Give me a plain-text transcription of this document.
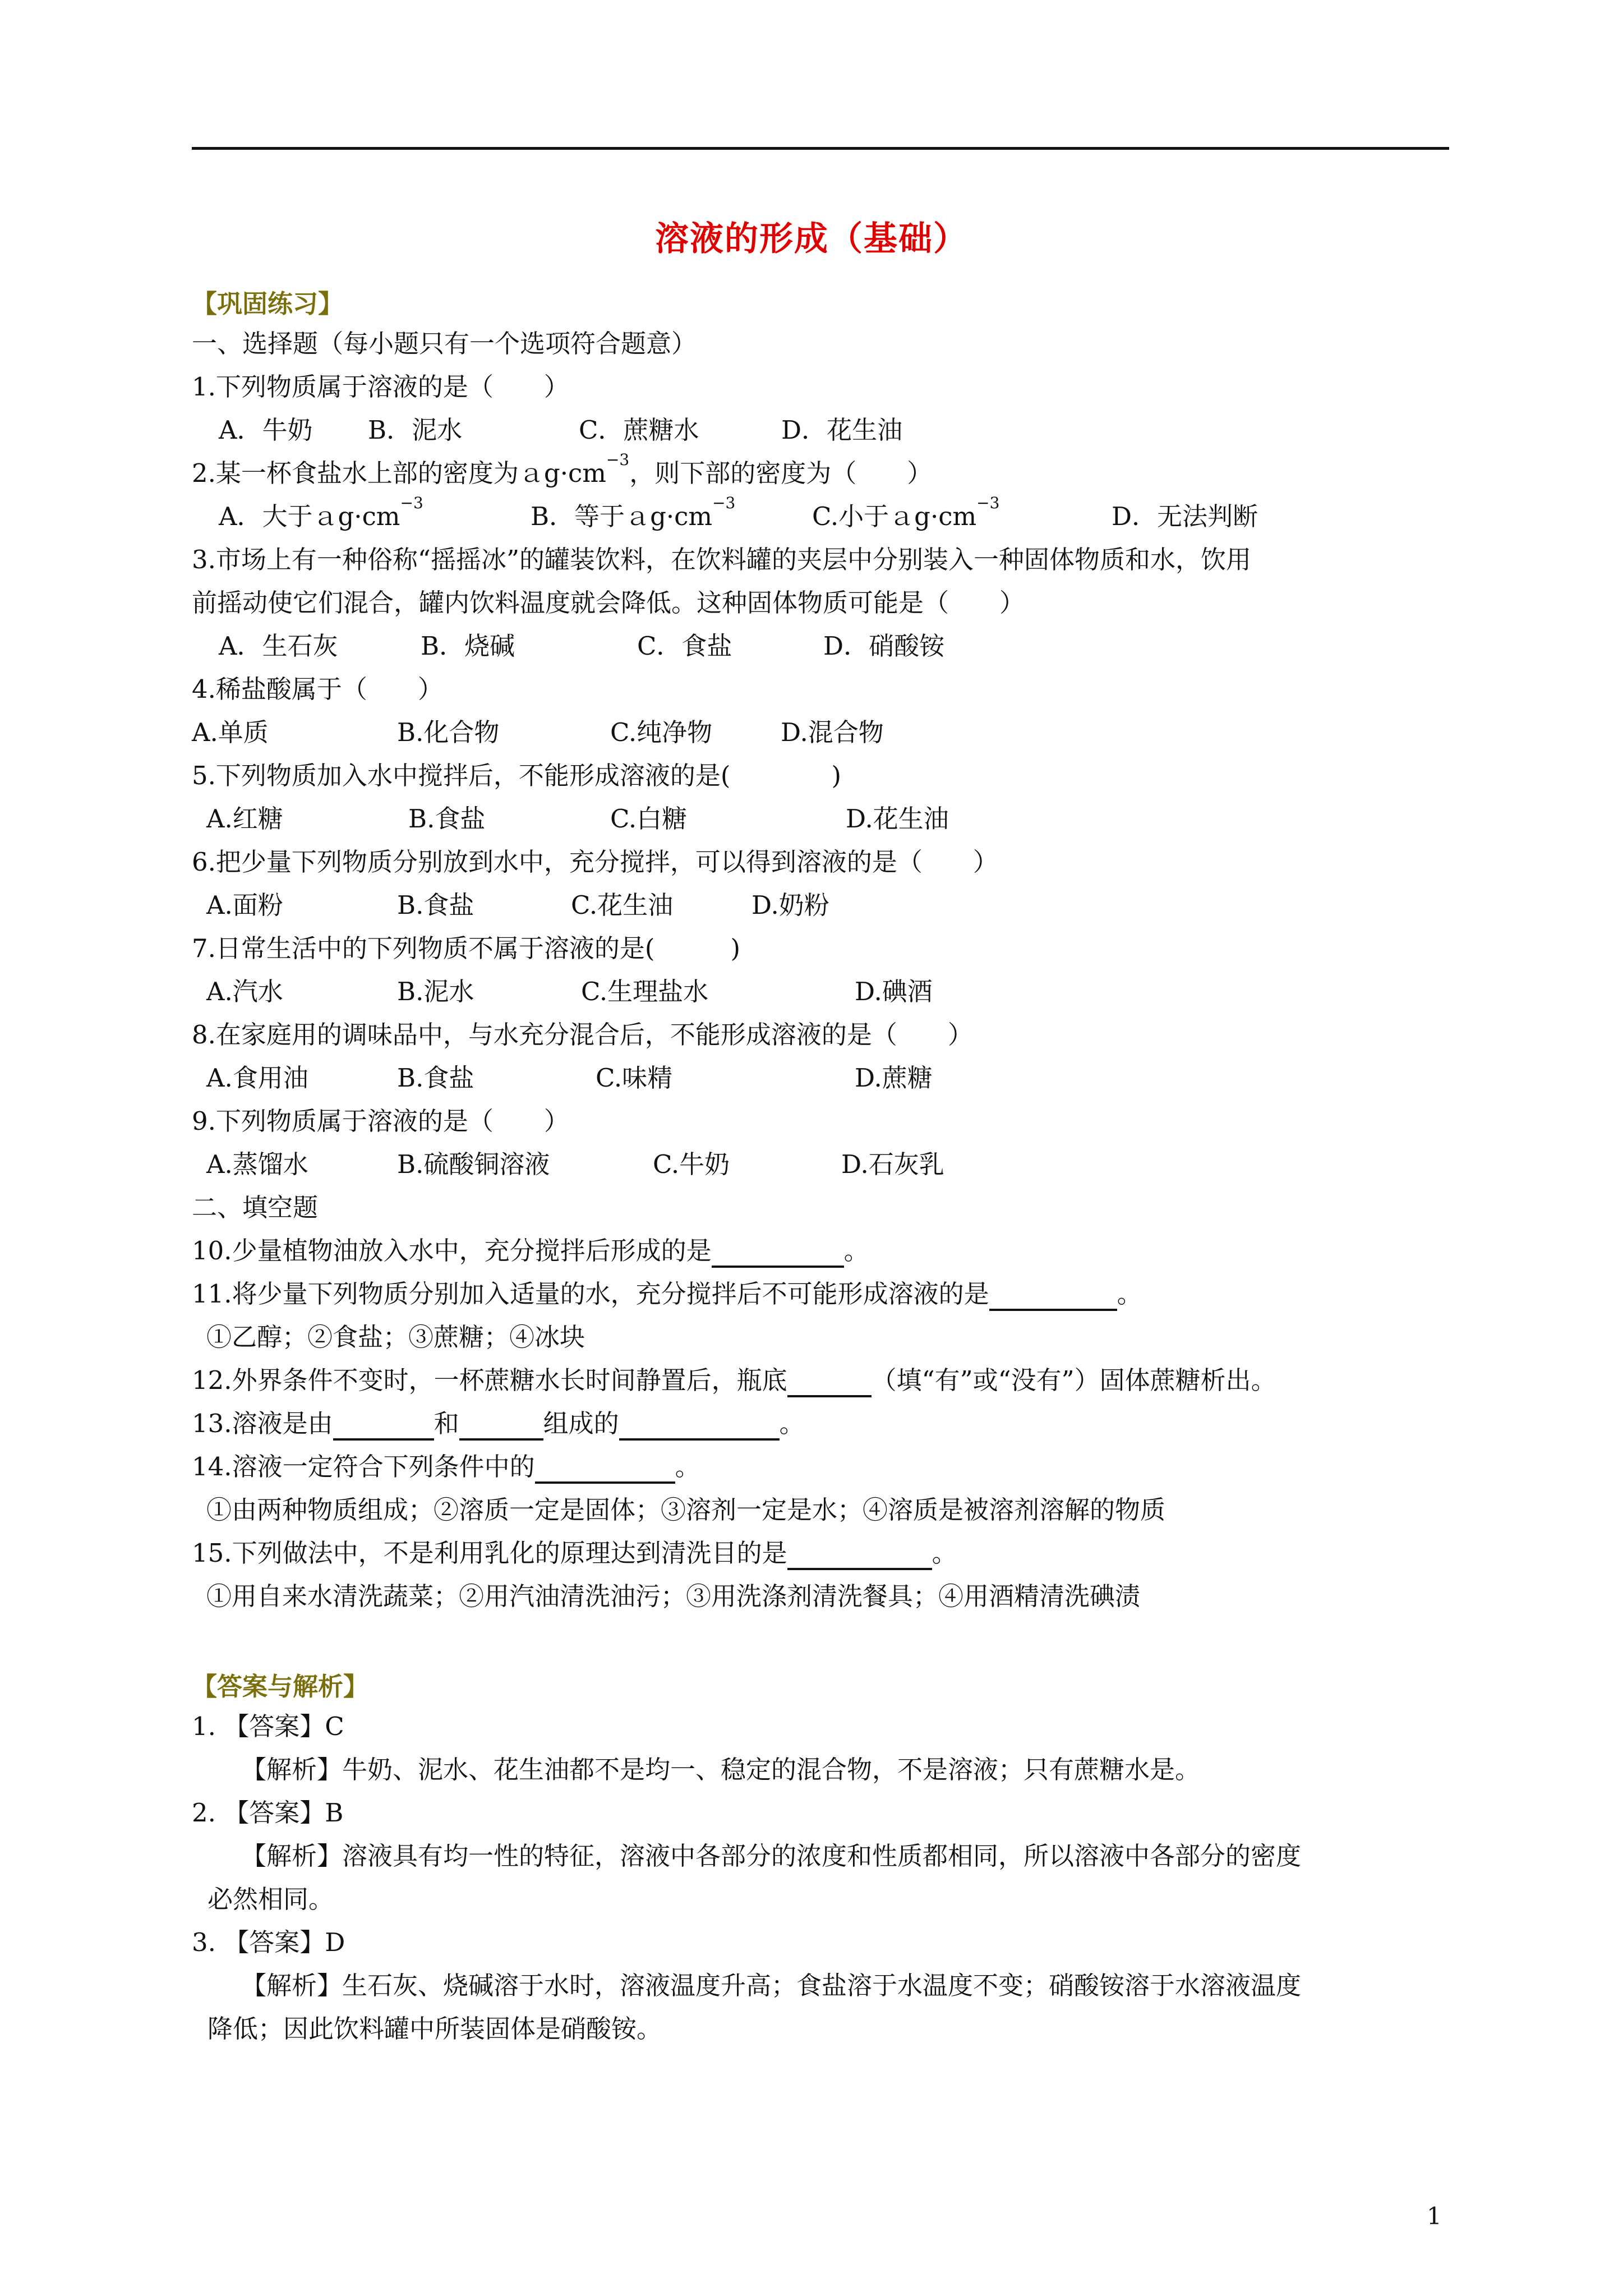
溶液的形成（基础）
【巩固练习】
一、选择题（每小题只有一个选项符合题意）
1.下列物质属于溶液的是（　　）
A．牛奶 B．泥水	C．蔗糖水	D．花生油
2.某一杯食盐水上部的密度为$ag\cdot cm^{-3}$，则下部的密度为（　　）
A．大于$ag\cdot cm^{-3}$	B．等于$ag\cdot cm^{-3}$	C.小于$ag\cdot cm^{-3}$	D．无法判断
3.市场上有一种俗称“摇摇冰”的罐装饮料，在饮料罐的夹层中分别装入一种固体物质和水，饮用
前摇动使它们混合，罐内饮料温度就会降低。这种固体物质可能是（　　）
A．生石灰	B．烧碱	C．食盐	D．硝酸铵
4.稀盐酸属于（　　）
A.单质	B.化合物	C.纯净物	D.混合物
5.下列物质加入水中搅拌后，不能形成溶液的是(　　　　)
A.红糖	B.食盐	C.白糖	D.花生油
6.把少量下列物质分别放到水中，充分搅拌，可以得到溶液的是（　　）
A.面粉	B.食盐	C.花生油	D.奶粉
7.日常生活中的下列物质不属于溶液的是(　　　)
A.汽水	B.泥水	C.生理盐水	D.碘酒
8.在家庭用的调味品中，与水充分混合后，不能形成溶液的是（　　）
A.食用油	B.食盐	C.味精	D.蔗糖
9.下列物质属于溶液的是（　　）
A.蒸馏水	B.硫酸铜溶液	C.牛奶	D.石灰乳
二、填空题
10.少量植物油放入水中，充分搅拌后形成的是	。
11.将少量下列物质分别加入适量的水，充分搅拌后不可能形成溶液的是	。
①乙醇；②食盐；③蔗糖；④冰块
12.外界条件不变时，一杯蔗糖水长时间静置后，瓶底	（填“有”或“没有”）固体蔗糖析出。
13.溶液是由	和	组成的	。
14.溶液一定符合下列条件中的	。
①由两种物质组成；②溶质一定是固体；③溶剂一定是水；④溶质是被溶剂溶解的物质
15.下列做法中，不是利用乳化的原理达到清洗目的是	。
①用自来水清洗蔬菜；②用汽油清洗油污；③用洗涤剂清洗餐具；④用酒精清洗碘渍
【答案与解析】
1. 【答案】C
【解析】牛奶、泥水、花生油都不是均一、稳定的混合物，不是溶液；只有蔗糖水是。
2. 【答案】B
【解析】溶液具有均一性的特征，溶液中各部分的浓度和性质都相同，所以溶液中各部分的密度
必然相同。
3. 【答案】D
【解析】生石灰、烧碱溶于水时，溶液温度升高；食盐溶于水温度不变；硝酸铵溶于水溶液温度
降低；因此饮料罐中所装固体是硝酸铵。
1
